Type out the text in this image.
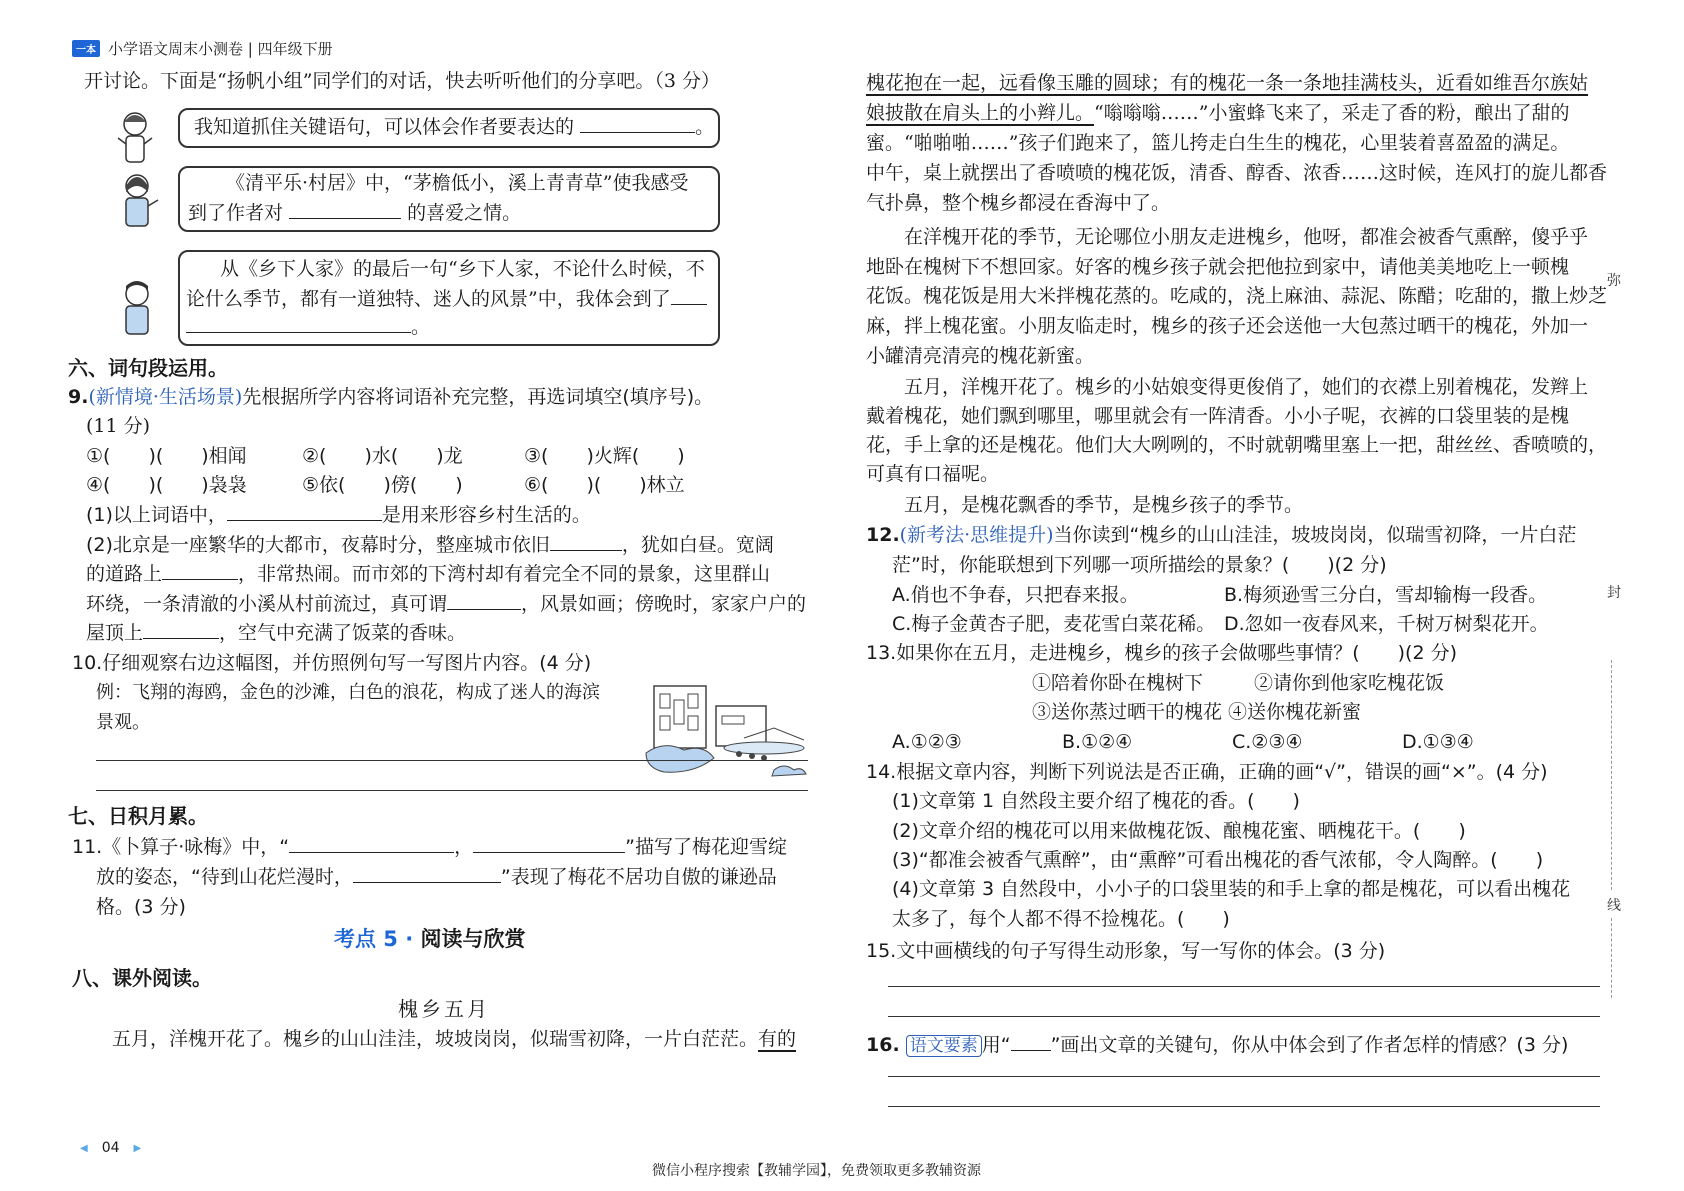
一本 小学语文周末小测卷 | 四年级下册
开讨论。下面是“扬帆小组”同学们的对话，快去听听他们的分享吧。（3 分）
我知道抓住关键语句，可以体会作者要表达的	。
《清平乐·村居》中，“茅檐低小，溪上青青草”使我感受
到了作者对	的喜爱之情。
从《乡下人家》的最后一句“乡下人家，不论什么时候，不
论什么季节，都有一道独特、迷人的风景”中，我体会到了
。
六、词句段运用。
9.(新情境·生活场景)先根据所学内容将词语补充完整，再选词填空(填序号)。
(11 分)
①(　　)(　　)相闻	②(　　)水(　　)龙	③(　　)火辉(　　)
④(　　)(　　)袅袅	⑤依(　　)傍(　　)	⑥(　　)(　　)林立
(1)以上词语中，	是用来形容乡村生活的。
(2)北京是一座繁华的大都市，夜幕时分，整座城市依旧	，犹如白昼。宽阔
的道路上	，非常热闹。而市郊的下湾村却有着完全不同的景象，这里群山
环绕，一条清澈的小溪从村前流过，真可谓	，风景如画；傍晚时，家家户户的
屋顶上	，空气中充满了饭菜的香味。
10.仔细观察右边这幅图，并仿照例句写一写图片内容。(4 分)
例：飞翔的海鸥，金色的沙滩，白色的浪花，构成了迷人的海滨
景观。
七、日积月累。
11.《卜算子·咏梅》中，“	，	”描写了梅花迎雪绽
放的姿态，“待到山花烂漫时，	”表现了梅花不居功自傲的谦逊品
格。(3 分)
考点 5 · 阅读与欣赏
八、课外阅读。
槐乡五月
五月，洋槐开花了。槐乡的山山洼洼，坡坡岗岗，似瑞雪初降，一片白茫茫。有的
槐花抱在一起，远看像玉雕的圆球；有的槐花一条一条地挂满枝头，近看如维吾尔族姑
娘披散在肩头上的小辫儿。“嗡嗡嗡……”小蜜蜂飞来了，采走了香的粉，酿出了甜的
蜜。“啪啪啪……”孩子们跑来了，篮儿挎走白生生的槐花，心里装着喜盈盈的满足。
中午，桌上就摆出了香喷喷的槐花饭，清香、醇香、浓香……这时候，连风打的旋儿都香
气扑鼻，整个槐乡都浸在香海中了。
在洋槐开花的季节，无论哪位小朋友走进槐乡，他呀，都准会被香气熏醉，傻乎乎
地卧在槐树下不想回家。好客的槐乡孩子就会把他拉到家中，请他美美地吃上一顿槐
花饭。槐花饭是用大米拌槐花蒸的。吃咸的，浇上麻油、蒜泥、陈醋；吃甜的，撒上炒芝
麻，拌上槐花蜜。小朋友临走时，槐乡的孩子还会送他一大包蒸过晒干的槐花，外加一
小罐清亮清亮的槐花新蜜。
五月，洋槐开花了。槐乡的小姑娘变得更俊俏了，她们的衣襟上别着槐花，发辫上
戴着槐花，她们飘到哪里，哪里就会有一阵清香。小小子呢，衣裤的口袋里装的是槐
花，手上拿的还是槐花。他们大大咧咧的，不时就朝嘴里塞上一把，甜丝丝、香喷喷的，
可真有口福呢。
五月，是槐花飘香的季节，是槐乡孩子的季节。
12.(新考法·思维提升)当你读到“槐乡的山山洼洼，坡坡岗岗，似瑞雪初降，一片白茫
茫”时，你能联想到下列哪一项所描绘的景象？(　　)(2 分)
A.俏也不争春，只把春来报。	B.梅须逊雪三分白，雪却输梅一段香。
C.梅子金黄杏子肥，麦花雪白菜花稀。 D.忽如一夜春风来，千树万树梨花开。
13.如果你在五月，走进槐乡，槐乡的孩子会做哪些事情？(　　)(2 分)
①陪着你卧在槐树下	②请你到他家吃槐花饭
③送你蒸过晒干的槐花 ④送你槐花新蜜
A.①②③	B.①②④	C.②③④	D.①③④
14.根据文章内容，判断下列说法是否正确，正确的画“√”，错误的画“×”。(4 分)
(1)文章第 1 自然段主要介绍了槐花的香。(　　)
(2)文章介绍的槐花可以用来做槐花饭、酿槐花蜜、晒槐花干。(　　)
(3)“都准会被香气熏醉”，由“熏醉”可看出槐花的香气浓郁，令人陶醉。(　　)
(4)文章第 3 自然段中，小小子的口袋里装的和手上拿的都是槐花，可以看出槐花
太多了，每个人都不得不捡槐花。(　　)
15.文中画横线的句子写得生动形象，写一写你的体会。(3 分)
16. 语文要素 用“ ”画出文章的关键句，你从中体会到了作者怎样的情感？(3 分)
弥
封
线
◀ 04 ▶
微信小程序搜索【教辅学园】，免费领取更多教辅资源
